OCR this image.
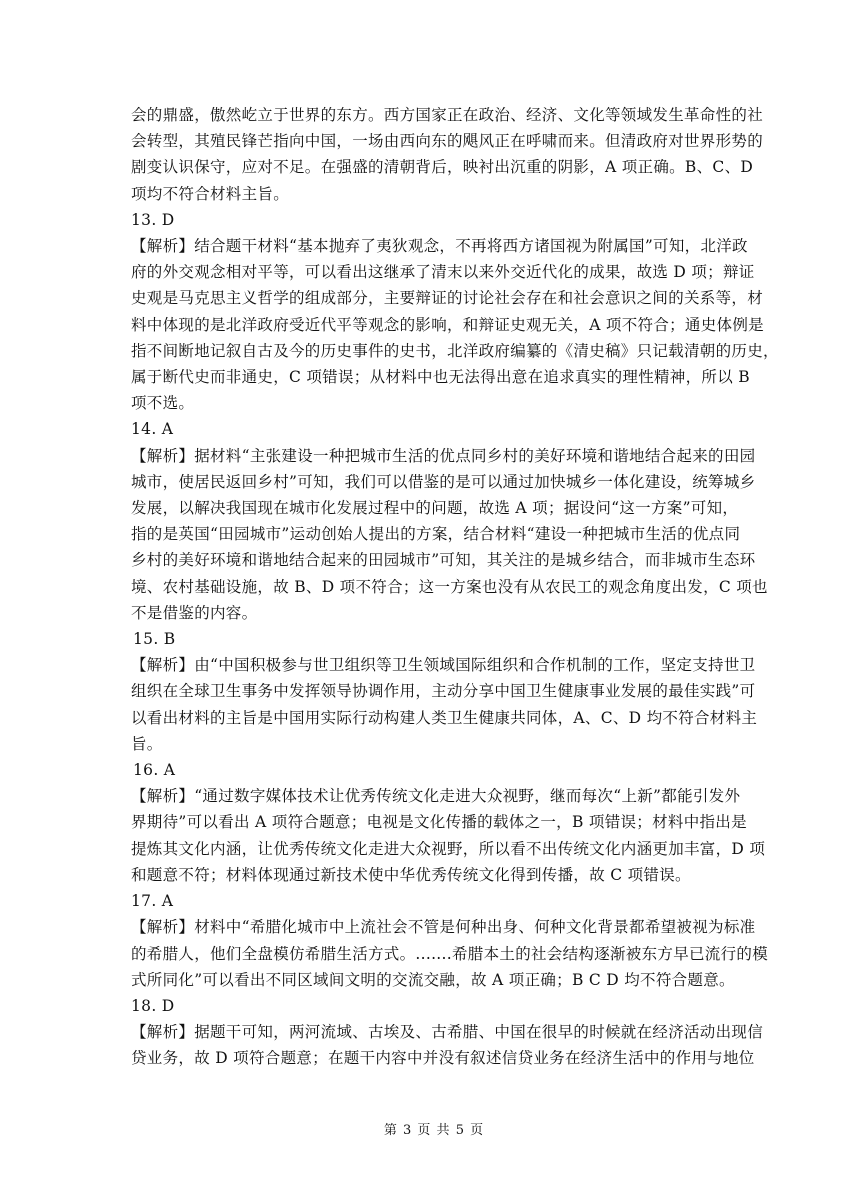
会的鼎盛，傲然屹立于世界的东方。西方国家正在政治、经济、文化等领域发生革命性的社
会转型，其殖民锋芒指向中国，一场由西向东的飓风正在呼啸而来。但清政府对世界形势的
剧变认识保守，应对不足。在强盛的清朝背后，映衬出沉重的阴影，A 项正确。B、C、D
项均不符合材料主旨。
13. D
【解析】结合题干材料“基本抛弃了夷狄观念，不再将西方诸国视为附属国”可知，北洋政
府的外交观念相对平等，可以看出这继承了清末以来外交近代化的成果，故选 D 项；辩证
史观是马克思主义哲学的组成部分，主要辩证的讨论社会存在和社会意识之间的关系等，材
料中体现的是北洋政府受近代平等观念的影响，和辩证史观无关，A 项不符合；通史体例是
指不间断地记叙自古及今的历史事件的史书，北洋政府编纂的《清史稿》只记载清朝的历史，
属于断代史而非通史，C 项错误；从材料中也无法得出意在追求真实的理性精神，所以 B
项不选。
14. A
【解析】据材料“主张建设一种把城市生活的优点同乡村的美好环境和谐地结合起来的田园
城市，使居民返回乡村”可知，我们可以借鉴的是可以通过加快城乡一体化建设，统筹城乡
发展，以解决我国现在城市化发展过程中的问题，故选 A 项；据设问“这一方案”可知，
指的是英国“田园城市”运动创始人提出的方案，结合材料“建设一种把城市生活的优点同
乡村的美好环境和谐地结合起来的田园城市”可知，其关注的是城乡结合，而非城市生态环
境、农村基础设施，故 B、D 项不符合；这一方案也没有从农民工的观念角度出发，C 项也
不是借鉴的内容。
15. B
【解析】由“中国积极参与世卫组织等卫生领域国际组织和合作机制的工作，坚定支持世卫
组织在全球卫生事务中发挥领导协调作用，主动分享中国卫生健康事业发展的最佳实践”可
以看出材料的主旨是中国用实际行动构建人类卫生健康共同体，A、C、D 均不符合材料主
旨。
16. A
【解析】“通过数字媒体技术让优秀传统文化走进大众视野，继而每次“上新”都能引发外
界期待”可以看出 A 项符合题意；电视是文化传播的载体之一，B 项错误；材料中指出是
提炼其文化内涵，让优秀传统文化走进大众视野，所以看不出传统文化内涵更加丰富，D 项
和题意不符；材料体现通过新技术使中华优秀传统文化得到传播，故 C 项错误。
17. A
【解析】材料中“希腊化城市中上流社会不管是何种出身、何种文化背景都希望被视为标准
的希腊人，他们全盘模仿希腊生活方式。.......希腊本土的社会结构逐渐被东方早已流行的模
式所同化”可以看出不同区域间文明的交流交融，故 A 项正确；B C D 均不符合题意。
18. D
【解析】据题干可知，两河流域、古埃及、古希腊、中国在很早的时候就在经济活动出现信
贷业务，故 D 项符合题意；在题干内容中并没有叙述信贷业务在经济生活中的作用与地位
第 3 页 共 5 页
